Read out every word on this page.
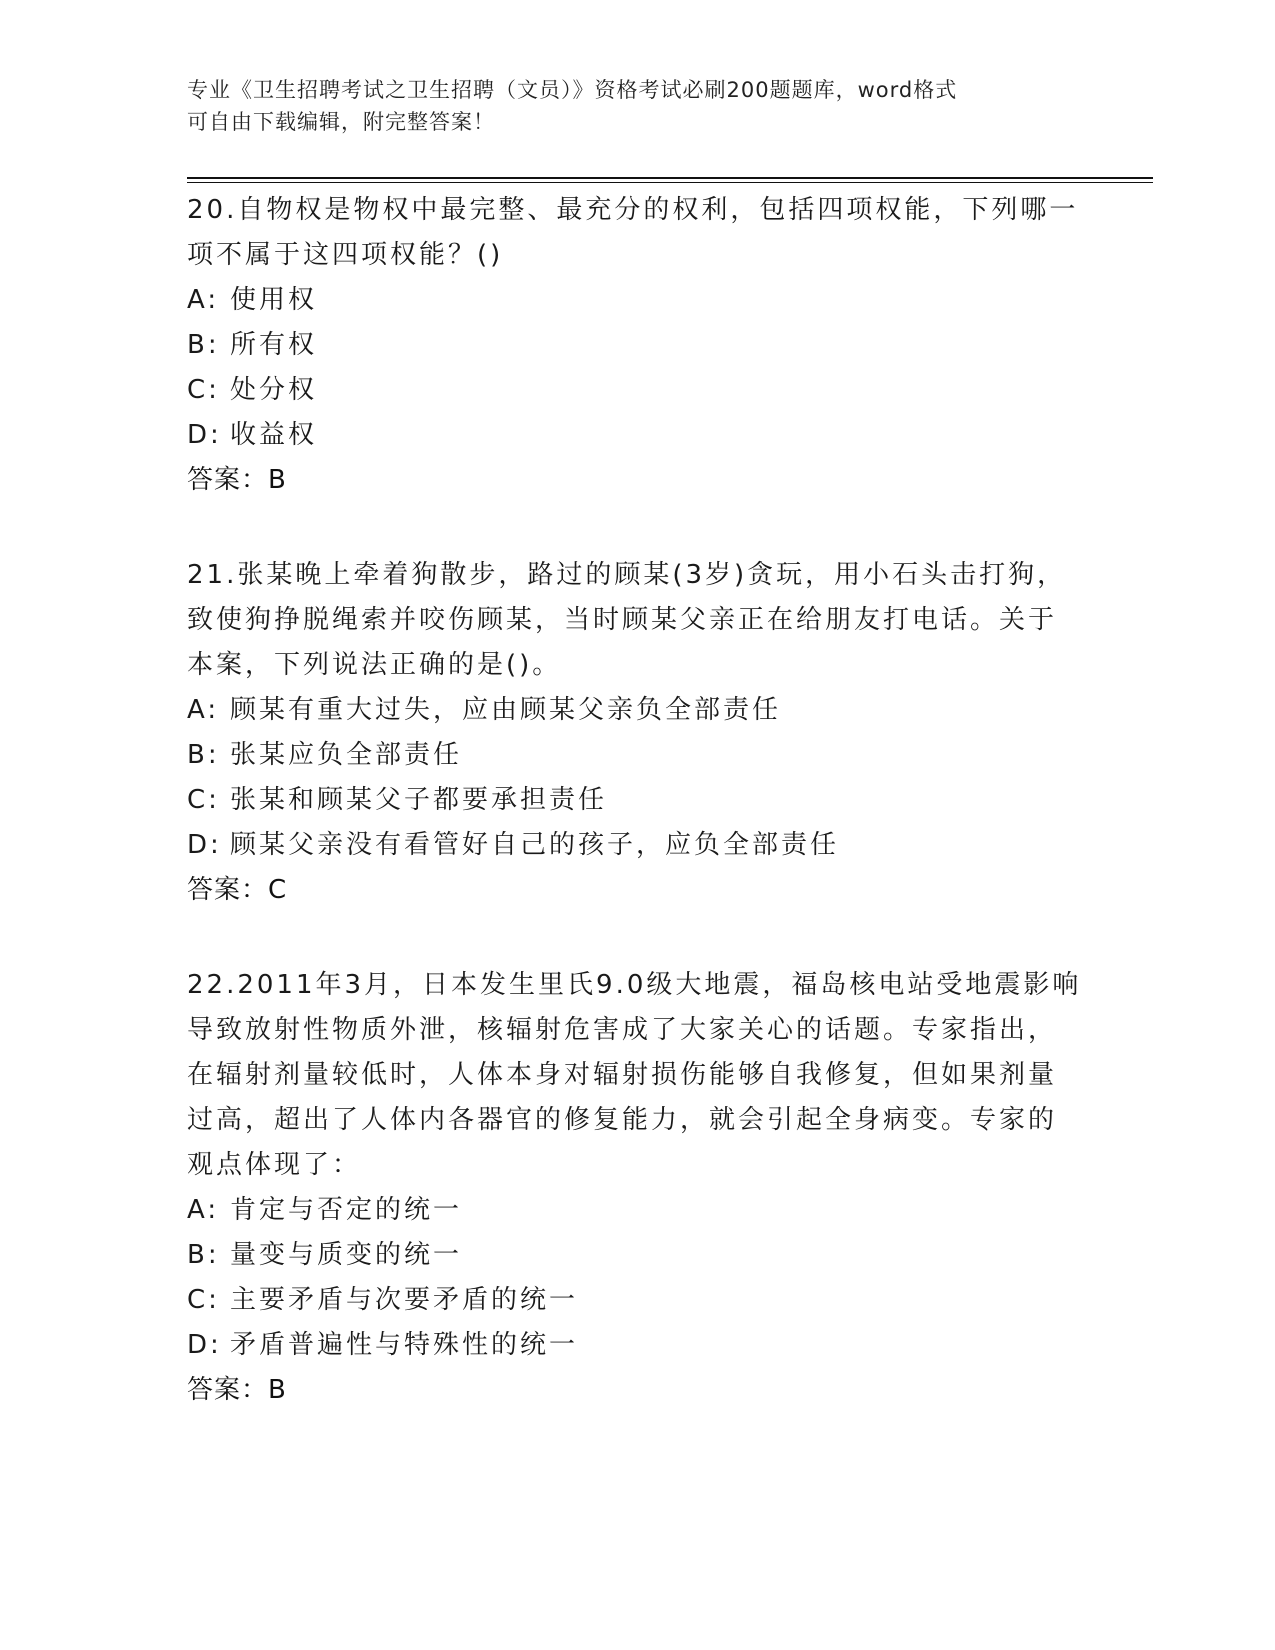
专业《卫生招聘考试之卫生招聘（文员）》资格考试必刷200题题库，word格式
可自由下载编辑，附完整答案！

20.自物权是物权中最完整、最充分的权利，包括四项权能，下列哪一

项不属于这四项权能？()

A: 使用权
B: 所有权
C: 处分权
D: 收益权
答案：B

21.张某晚上牵着狗散步，路过的顾某(3岁)贪玩，用小石头击打狗，

致使狗挣脱绳索并咬伤顾某，当时顾某父亲正在给朋友打电话。关于

本案，下列说法正确的是()。

A: 顾某有重大过失，应由顾某父亲负全部责任
B: 张某应负全部责任
C: 张某和顾某父子都要承担责任
D: 顾某父亲没有看管好自己的孩子，应负全部责任
答案：C

22.2011年3月，日本发生里氏9.0级大地震，福岛核电站受地震影响

导致放射性物质外泄，核辐射危害成了大家关心的话题。专家指出，

在辐射剂量较低时，人体本身对辐射损伤能够自我修复，但如果剂量

过高，超出了人体内各器官的修复能力，就会引起全身病变。专家的

观点体现了：

A: 肯定与否定的统一
B: 量变与质变的统一
C: 主要矛盾与次要矛盾的统一
D: 矛盾普遍性与特殊性的统一
答案：B
